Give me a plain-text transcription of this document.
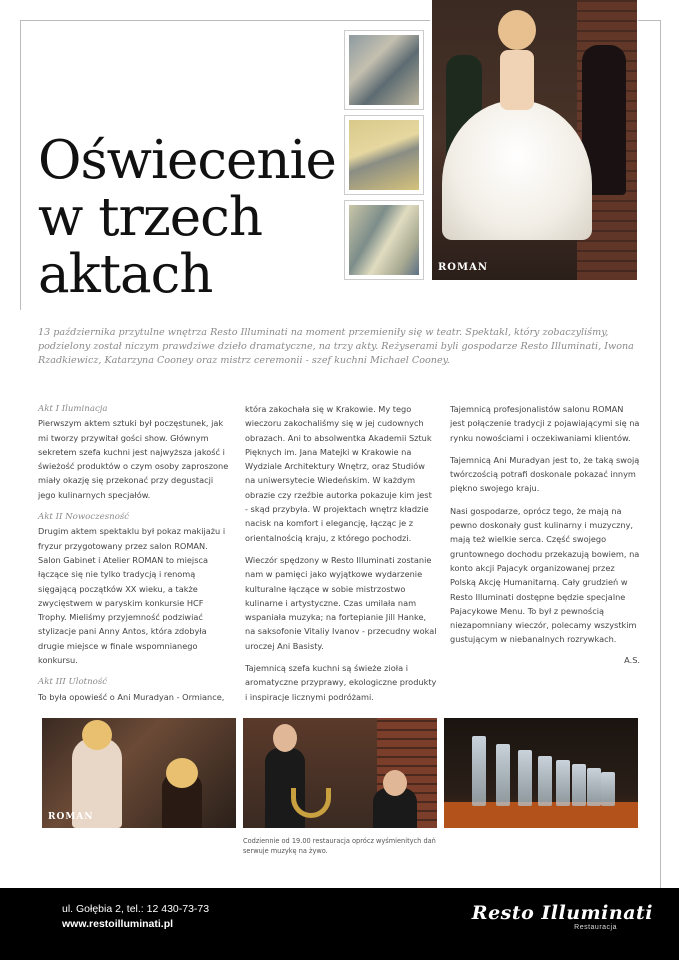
Oświecenie
w trzech
aktach	ROMAN

13 października przytulne wnętrza Resto Illuminati na moment przemieniły się w teatr. Spektakl, który zobaczyliśmy, podzielony został niczym prawdziwe dzieło dramatyczne, na trzy akty. Reżyserami byli gospodarze Resto Illuminati, Iwona Rzadkiewicz, Katarzyna Cooney oraz mistrz ceremonii - szef kuchni Michael Cooney.

Akt I Iluminacja

Pierwszym aktem sztuki był poczęstunek, jak mi tworzy przywitał gości show. Głównym sekretem szefa kuchni jest najwyższa jakość i świeżość produktów o czym osoby zaproszone miały okazję się przekonać przy degustacji jego kulinarnych specjałów.

Akt II Nowoczesność

Drugim aktem spektaklu był pokaz makijażu i fryzur przygotowany przez salon ROMAN. Salon Gabinet i Atelier ROMAN to miejsca łączące się nie tylko tradycją i renomą sięgającą początków XX wieku, a także zwycięstwem w paryskim konkursie HCF Trophy. Mieliśmy przyjemność podziwiać stylizacje pani Anny Antos, która zdobyła drugie miejsce w finale wspomnianego konkursu.

Akt III Ulotność

To była opowieść o Ani Muradyan - Ormiance,

która zakochała się w Krakowie. My tego wieczoru zakochaliśmy się w jej cudownych obrazach. Ani to absolwentka Akademii Sztuk Pięknych im. Jana Matejki w Krakowie na Wydziale Architektury Wnętrz, oraz Studiów na uniwersytecie Wiedeńskim. W każdym obrazie czy rzeźbie autorka pokazuje kim jest - skąd przybyła. W projektach wnętrz kładzie nacisk na komfort i elegancję, łącząc je z orientalnością kraju, z którego pochodzi.

Wieczór spędzony w Resto Illuminati zostanie nam w pamięci jako wyjątkowe wydarzenie kulturalne łączące w sobie mistrzostwo kulinarne i artystyczne. Czas umilała nam wspaniała muzyka; na fortepianie Jill Hanke, na saksofonie Vitaliy Ivanov - przecudny wokal uroczej Ani Basisty.

Tajemnicą szefa kuchni są świeże zioła i aromatyczne przyprawy, ekologiczne produkty i inspiracje licznymi podróżami.

Tajemnicą profesjonalistów salonu ROMAN jest połączenie tradycji z pojawiającymi się na rynku nowościami i oczekiwaniami klientów.

Tajemnicą Ani Muradyan jest to, że taką swoją twórczością potrafi doskonale pokazać innym piękno swojego kraju.

Nasi gospodarze, oprócz tego, że mają na pewno doskonały gust kulinarny i muzyczny, mają też wielkie serca. Część swojego gruntownego dochodu przekazują bowiem, na konto akcji Pajacyk organizowanej przez Polską Akcję Humanitarną. Cały grudzień w Resto Illuminati dostępne będzie specjalne Pajacykowe Menu. To był z pewnością niezapomniany wieczór, polecamy wszystkim gustującym w niebanalnych rozrywkach.

A.S.

ROMAN

Codziennie od 19.00 restauracja oprócz wyśmienitych dań serwuje muzykę na żywo.

ul. Gołębia 2, tel.: 12 430-73-73
www.restoilluminati.pl	Resto Illuminati
Restauracja
